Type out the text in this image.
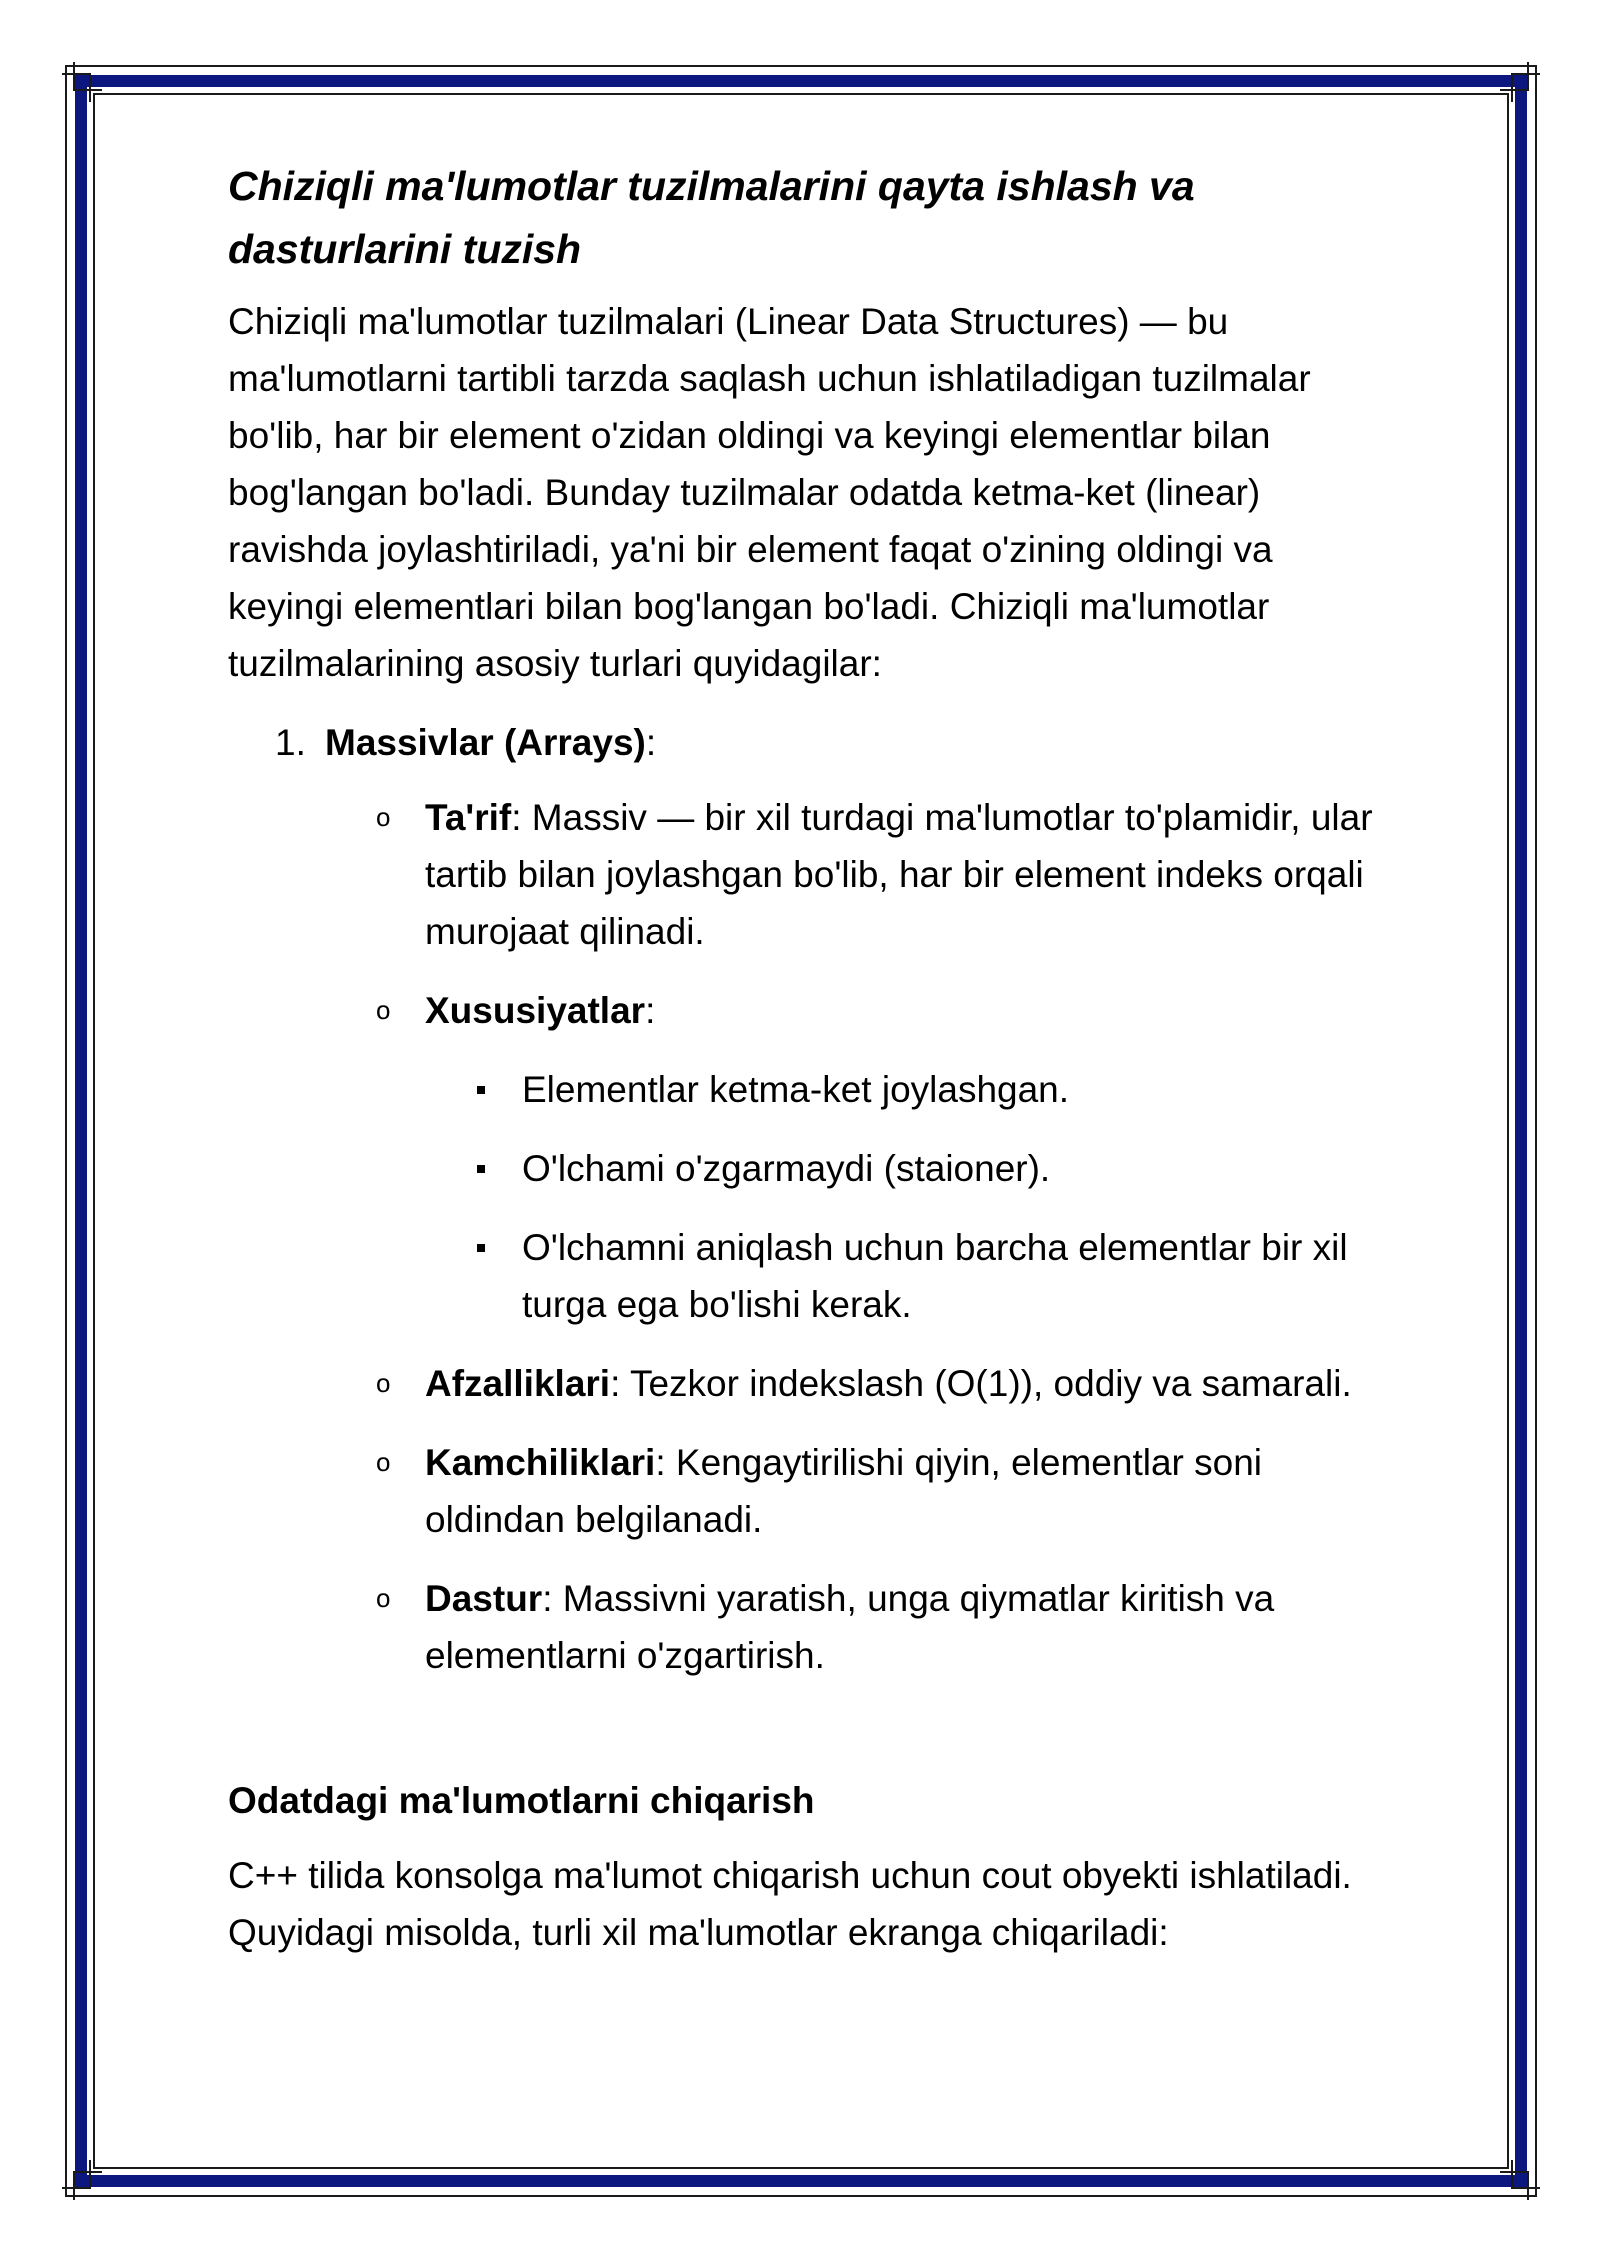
Chiziqli ma'lumotlar tuzilmalarini qayta ishlash va dasturlarini tuzish

Chiziqli ma'lumotlar tuzilmalari (Linear Data Structures) — bu ma'lumotlarni tartibli tarzda saqlash uchun ishlatiladigan tuzilmalar bo'lib, har bir element o'zidan oldingi va keyingi elementlar bilan bog'langan bo'ladi. Bunday tuzilmalar odatda ketma-ket (linear) ravishda joylashtiriladi, ya'ni bir element faqat o'zining oldingi va keyingi elementlari bilan bog'langan bo'ladi. Chiziqli ma'lumotlar tuzilmalarining asosiy turlari quyidagilar:

1. Massivlar (Arrays):
o Ta'rif: Massiv — bir xil turdagi ma'lumotlar to'plamidir, ular tartib bilan joylashgan bo'lib, har bir element indeks orqali murojaat qilinadi.
o Xususiyatlar:
Elementlar ketma-ket joylashgan.
O'lchami o'zgarmaydi (staioner).
O'lchamni aniqlash uchun barcha elementlar bir xil turga ega bo'lishi kerak.
o Afzalliklari: Tezkor indekslash (O(1)), oddiy va samarali.
o Kamchiliklari: Kengaytirilishi qiyin, elementlar soni oldindan belgilanadi.
o Dastur: Massivni yaratish, unga qiymatlar kiritish va elementlarni o'zgartirish.
Odatdagi ma'lumotlarni chiqarish

C++ tilida konsolga ma'lumot chiqarish uchun cout obyekti ishlatiladi. Quyidagi misolda, turli xil ma'lumotlar ekranga chiqariladi:
